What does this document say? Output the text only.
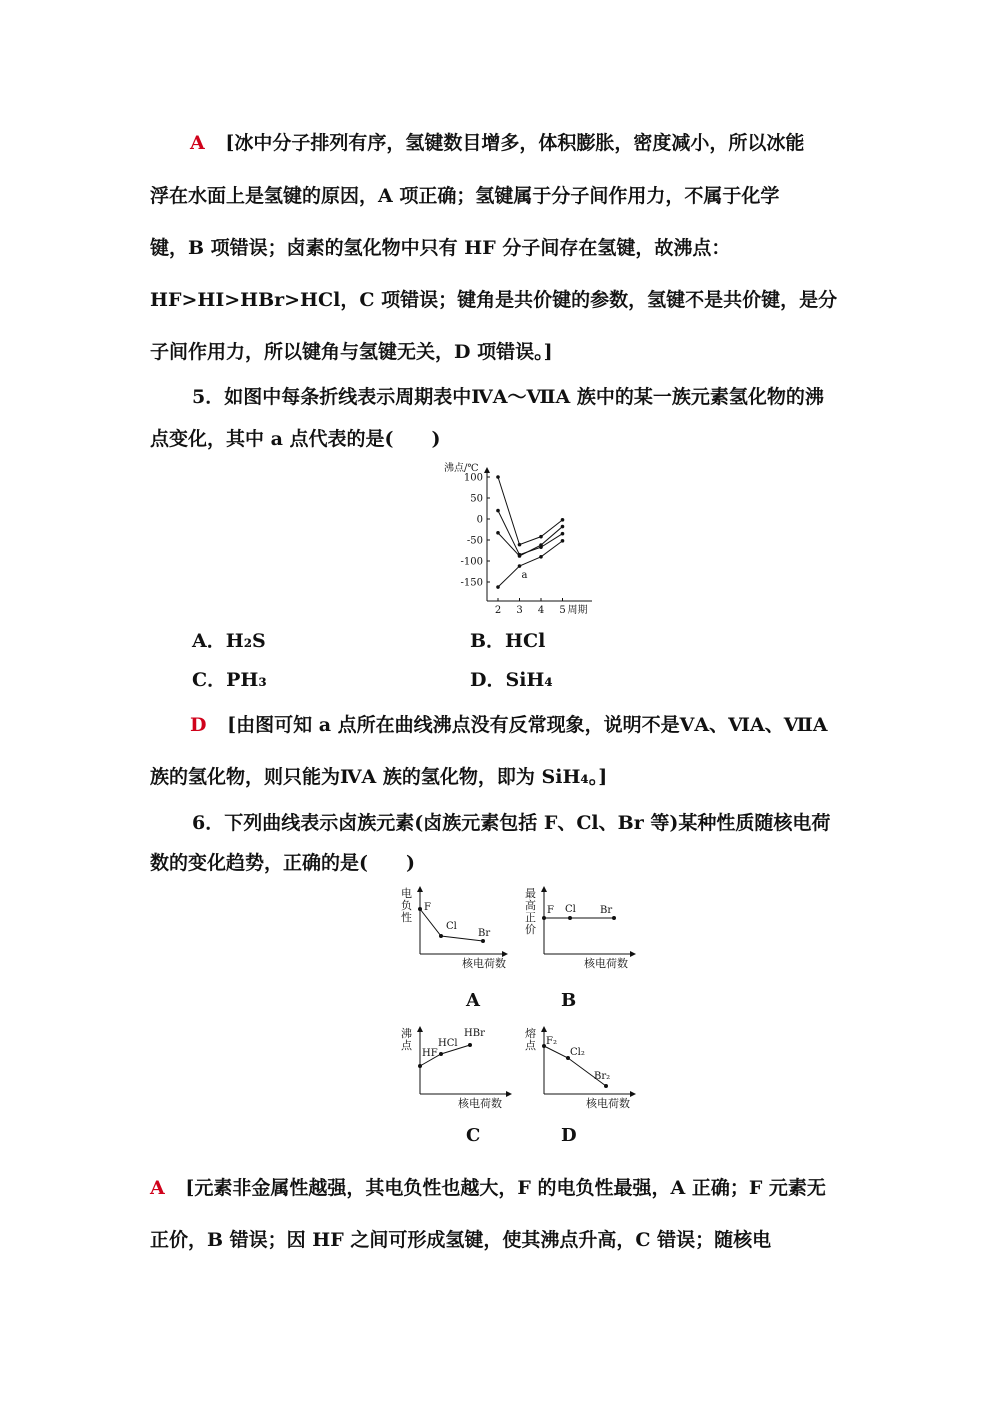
A [冰中分子排列有序，氢键数目增多，体积膨胀，密度减小，所以冰能
浮在水面上是氢键的原因，A 项正确；氢键属于分子间作用力，不属于化学
键，B 项错误；卤素的氢化物中只有 HF 分子间存在氢键，故沸点：
HF>HI>HBr>HCl，C 项错误；键角是共价键的参数，氢键不是共价键，是分
子间作用力，所以键角与氢键无关，D 项错误。]
5．如图中每条折线表示周期表中ⅣA～ⅦA 族中的某一族元素氢化物的沸
点变化，其中 a 点代表的是(　　)
沸点/℃
100
50
0
-50
-100
-150
2 3 4 5 周期
a
A．H₂S	B．HCl
C．PH₃	D．SiH₄
D [由图可知 a 点所在曲线沸点没有反常现象，说明不是ⅤA、ⅥA、ⅦA
族的氢化物，则只能为ⅣA 族的氢化物，即为 SiH₄。]
6．下列曲线表示卤族元素(卤族元素包括 F、Cl、Br 等)某种性质随核电荷
数的变化趋势，正确的是(　　)
电
负
性
F
Cl
Br
核电荷数
最
高
正
价
F Cl Br
核电荷数
A	B
沸
点
HF
HCl
HBr
核电荷数
熔
点 F₂
Cl₂
Br₂
核电荷数
C	D
A [元素非金属性越强，其电负性也越大，F 的电负性最强，A 正确；F 元素无
正价，B 错误；因 HF 之间可形成氢键，使其沸点升高，C 错误；随核电
